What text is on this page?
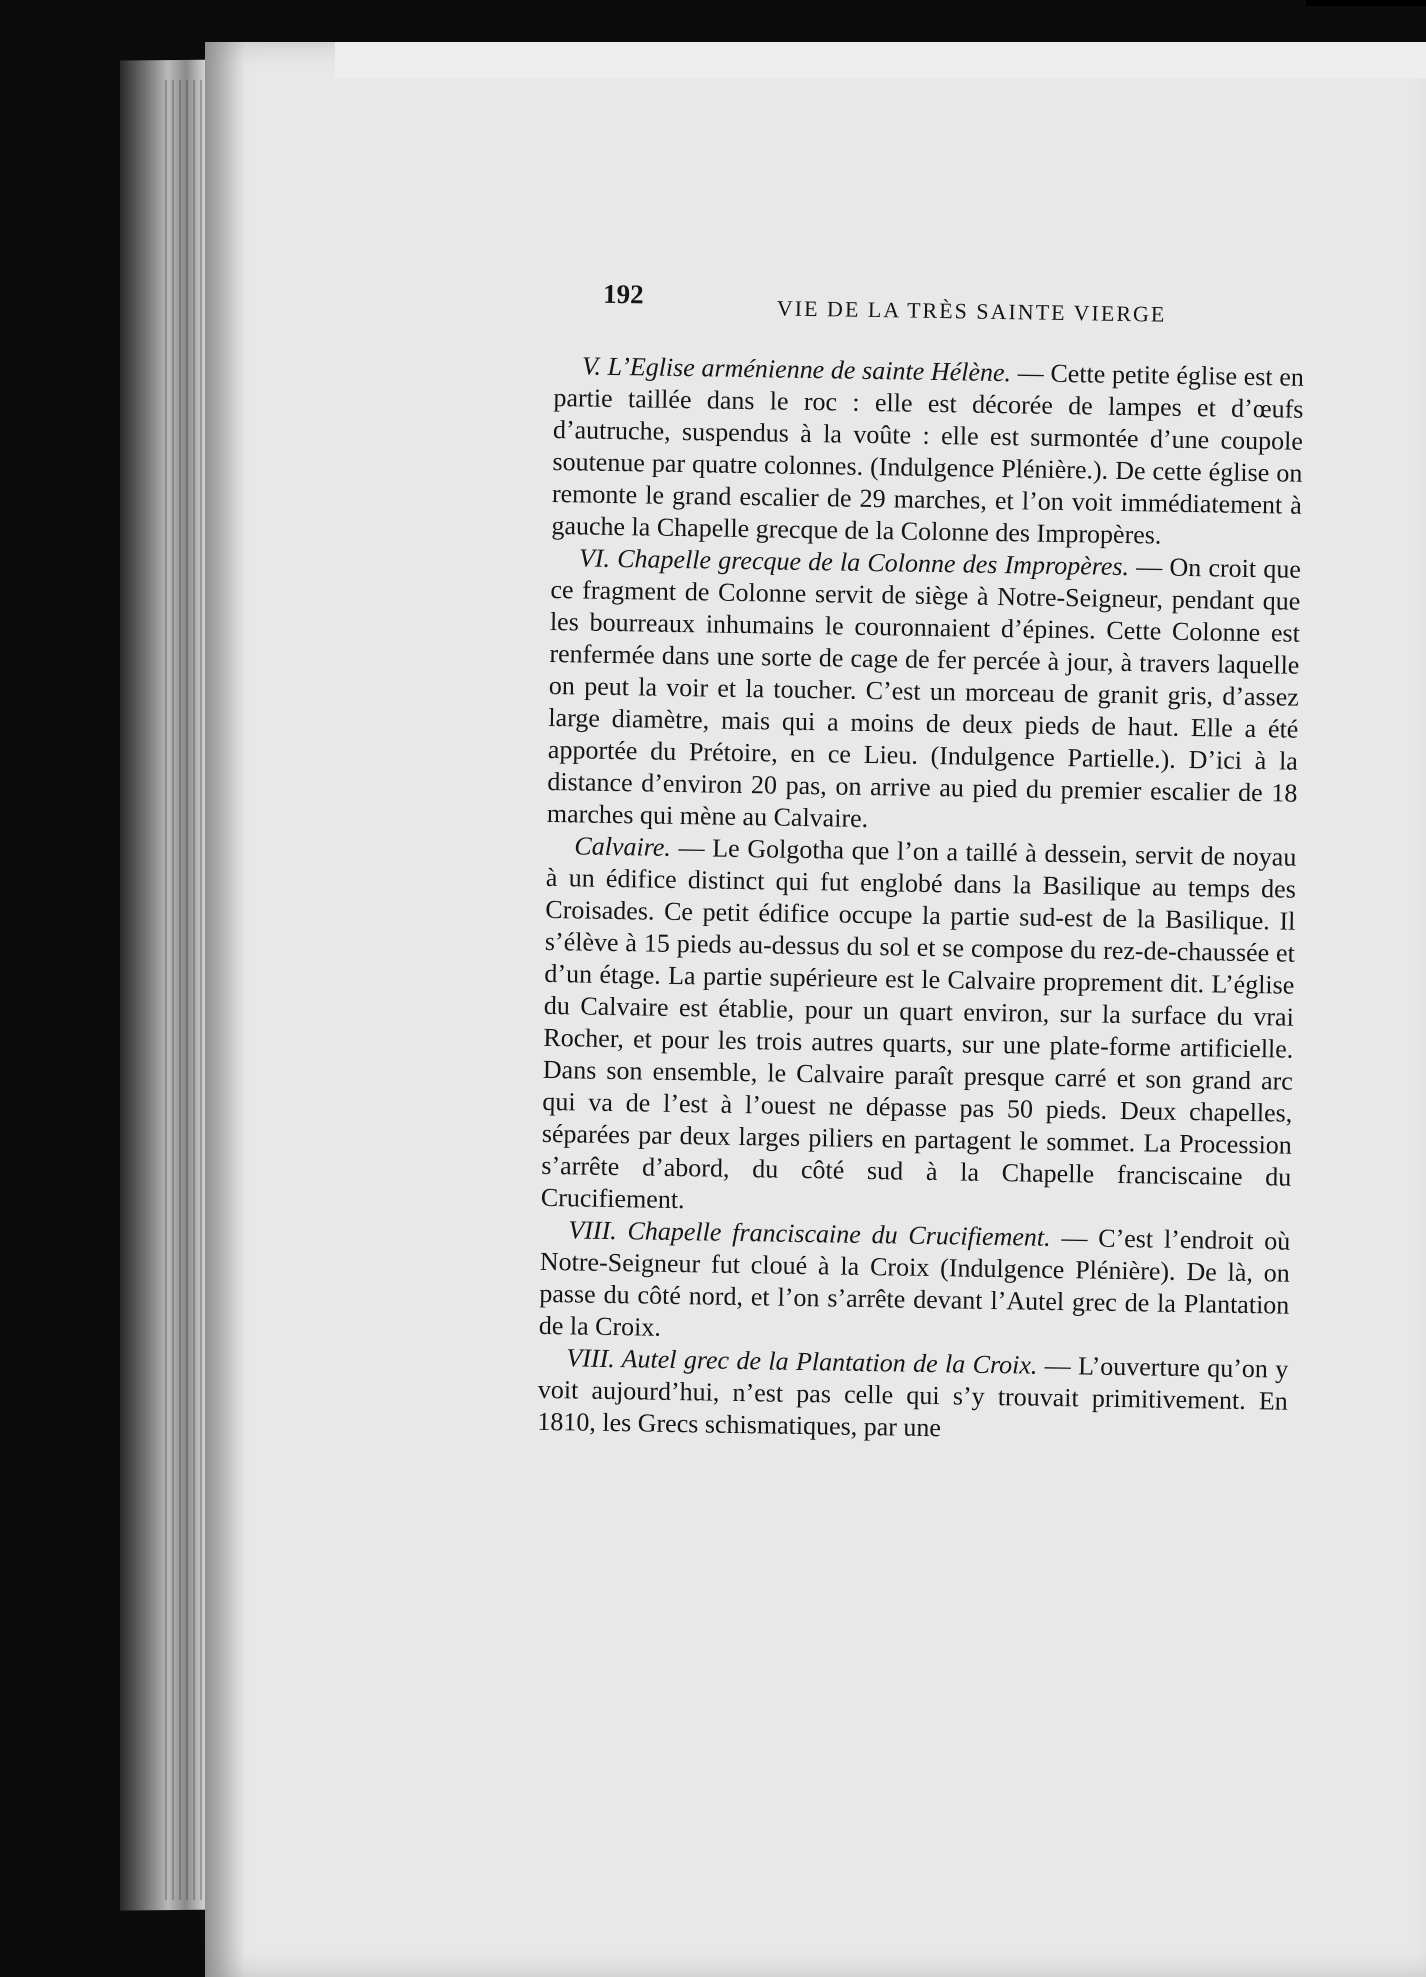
192
VIE DE LA TRÈS SAINTE VIERGE

V. L’Eglise arménienne de sainte Hélène. — Cette petite église est en partie taillée dans le roc : elle est décorée de lampes et d’œufs d’autruche, suspendus à la voûte : elle est surmontée d’une coupole soutenue par quatre colonnes. (Indulgence Plénière.). De cette église on remonte le grand escalier de 29 marches, et l’on voit immédiatement à gauche la Chapelle grecque de la Colonne des Impropères.

VI. Chapelle grecque de la Colonne des Impropères. — On croit que ce fragment de Colonne servit de siège à Notre-Seigneur, pendant que les bourreaux inhumains le couronnaient d’épines. Cette Colonne est renfermée dans une sorte de cage de fer percée à jour, à travers laquelle on peut la voir et la toucher. C’est un morceau de granit gris, d’assez large diamètre, mais qui a moins de deux pieds de haut. Elle a été apportée du Prétoire, en ce Lieu. (Indulgence Partielle.). D’ici à la distance d’environ 20 pas, on arrive au pied du premier escalier de 18 marches qui mène au Calvaire.

Calvaire. — Le Golgotha que l’on a taillé à dessein, servit de noyau à un édifice distinct qui fut englobé dans la Basilique au temps des Croisades. Ce petit édifice occupe la partie sud-est de la Basilique. Il s’élève à 15 pieds au-dessus du sol et se compose du rez-de-chaussée et d’un étage. La partie supérieure est le Calvaire proprement dit. L’église du Calvaire est établie, pour un quart environ, sur la surface du vrai Rocher, et pour les trois autres quarts, sur une plate-forme artificielle. Dans son ensemble, le Calvaire paraît presque carré et son grand arc qui va de l’est à l’ouest ne dépasse pas 50 pieds. Deux chapelles, séparées par deux larges piliers en partagent le sommet. La Procession s’arrête d’abord, du côté sud à la Chapelle franciscaine du Crucifiement.

VIII. Chapelle franciscaine du Crucifiement. — C’est l’endroit où Notre-Seigneur fut cloué à la Croix (Indulgence Plénière). De là, on passe du côté nord, et l’on s’arrête devant l’Autel grec de la Plantation de la Croix.

VIII. Autel grec de la Plantation de la Croix. — L’ouverture qu’on y voit aujourd’hui, n’est pas celle qui s’y trouvait primitivement. En 1810, les Grecs schismatiques, par une
